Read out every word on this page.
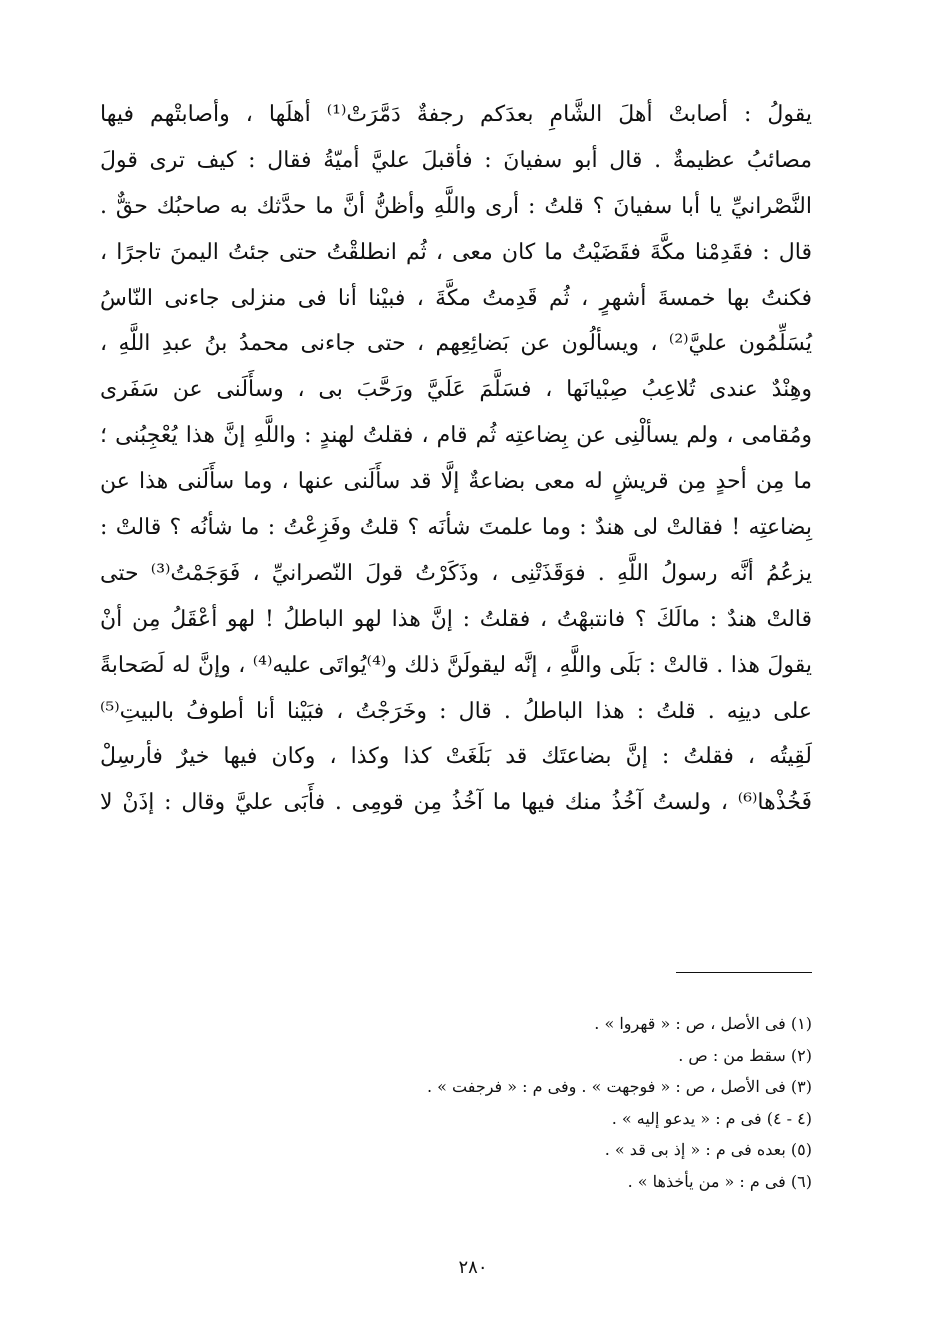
يقولُ : أصابتْ أهلَ الشَّامِ بعدَكم رجفةٌ دَمَّرَتْ⁽¹⁾ أهلَها ، وأصابتْهم فيها
مصائبُ عظيمةٌ . قال أبو سفيانَ : فأقبلَ عليَّ أميّةُ فقال : كيف ترى قولَ
النَّصْرانيِّ يا أبا سفيانَ ؟ قلتُ : أرى واللَّهِ وأظنُّ أنَّ ما حدَّثك به صاحبُك حقٌّ .
قال : فقَدِمْنا مكَّةَ فقَضَيْتُ ما كان معى ، ثُم انطلقْتُ حتى جئتُ اليمنَ تاجرًا ،
فكنتُ بها خمسةَ أشهرٍ ، ثُم قَدِمتُ مكَّةَ ، فبيْنا أنا فى منزلى جاءنى النّاسُ
يُسَلِّمُون عليَّ⁽²⁾ ، ويسألُون عن بَضائِعِهم ، حتى جاءنى محمدُ بنُ عبدِ اللَّهِ ،
وهِنْدٌ عندى تُلاعِبُ صِبْيانَها ، فسَلَّمَ عَلَيَّ ورَحَّبَ بى ، وسأَلَنى عن سَفَرى
ومُقامى ، ولم يسألْنِى عن بِضاعتِه ثُم قام ، فقلتُ لهندٍ : واللَّهِ إنَّ هذا يُعْجِبُنى ؛
ما مِن أحدٍ مِن قريشٍ له معى بضاعةٌ إلَّا قد سأَلَنى عنها ، وما سأَلَنى هذا عن
بِضاعتِه ! فقالتْ لى هندٌ : وما علمتَ شأنَه ؟ قلتُ وفَزِعْتُ : ما شأنُه ؟ قالتْ :
يزعُمُ أنَّه رسولُ اللَّهِ . فوَقَذَتْنِى ، وذَكَرْتُ قولَ النّصرانيِّ ، فَوَجَمْتُ⁽³⁾ حتى
قالتْ هندٌ : مالَكَ ؟ فانتبهْتُ ، فقلتُ : إنَّ هذا لهو الباطلُ ! لهو أعْقَلُ مِن أنْ
يقولَ هذا . قالتْ : بَلَى واللَّهِ ، إنَّه ليقولَنَّ ذلك و⁽⁴⁾يُواتَى عليه⁽⁴⁾ ، وإنَّ له لَصَحابةً
على دينِه . قلتُ : هذا الباطلُ . قال : وخَرَجْتُ ، فبَيْنا أنا أطوفُ بالبيتِ⁽⁵⁾
لَقِيتُه ، فقلتُ : إنَّ بضاعتَك قد بَلَغَتْ كذا وكذا ، وكان فيها خيرٌ فأرسِلْ
فَخُذْها⁽⁶⁾ ، ولستُ آخُذُ منك فيها ما آخُذُ مِن قومِى . فأَبَى عليَّ وقال : إذَنْ لا
(١) فى الأصل ، ص : « قهروا » .
(٢) سقط من : ص .
(٣) فى الأصل ، ص : « فوجهت » . وفى م : « فرجفت » .
(٤ - ٤) فى م : « يدعو إليه » .
(٥) بعده فى م : « إذ بى قد » .
(٦) فى م : « من يأخذها » .
٢٨٠
